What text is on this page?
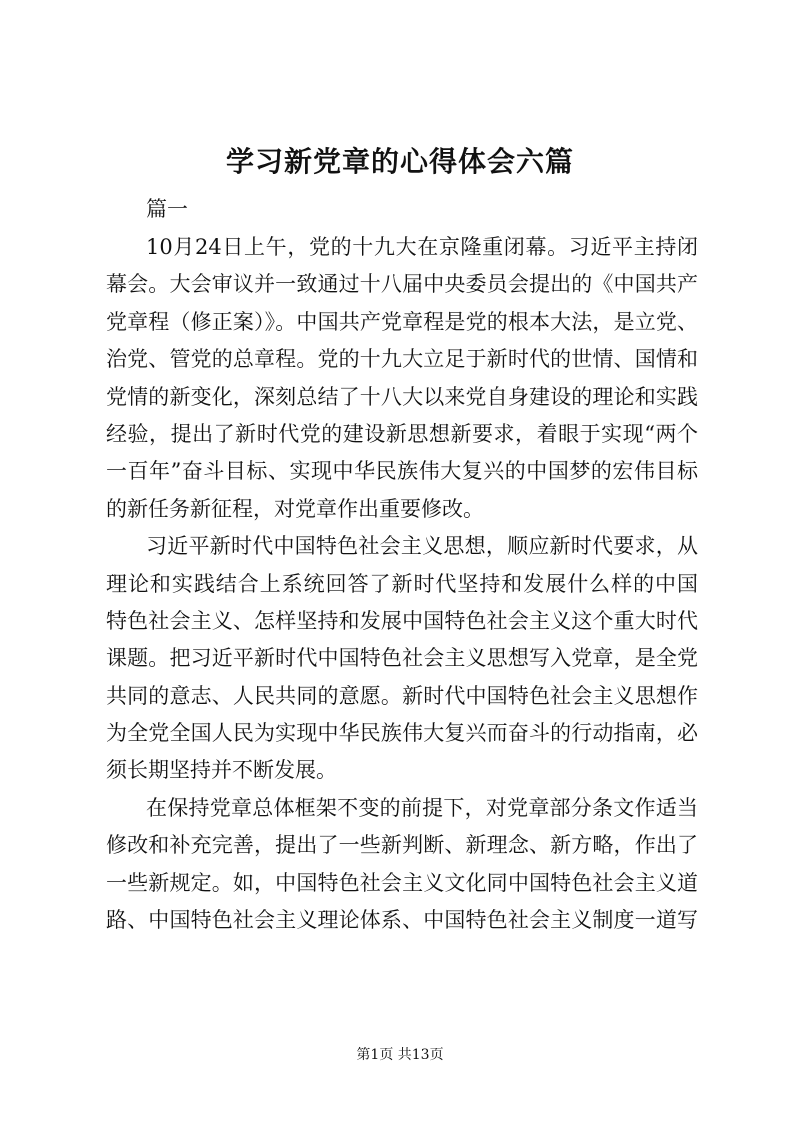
学习新党章的心得体会六篇
篇一
10月24日上午，党的十九大在京隆重闭幕。习近平主持闭
幕会。大会审议并一致通过十八届中央委员会提出的《中国共产
党章程（修正案）》。中国共产党章程是党的根本大法，是立党、
治党、管党的总章程。党的十九大立足于新时代的世情、国情和
党情的新变化，深刻总结了十八大以来党自身建设的理论和实践
经验，提出了新时代党的建设新思想新要求，着眼于实现“两个
一百年”奋斗目标、实现中华民族伟大复兴的中国梦的宏伟目标
的新任务新征程，对党章作出重要修改。
习近平新时代中国特色社会主义思想，顺应新时代要求，从
理论和实践结合上系统回答了新时代坚持和发展什么样的中国
特色社会主义、怎样坚持和发展中国特色社会主义这个重大时代
课题。把习近平新时代中国特色社会主义思想写入党章，是全党
共同的意志、人民共同的意愿。新时代中国特色社会主义思想作
为全党全国人民为实现中华民族伟大复兴而奋斗的行动指南，必
须长期坚持并不断发展。
在保持党章总体框架不变的前提下，对党章部分条文作适当
修改和补充完善，提出了一些新判断、新理念、新方略，作出了
一些新规定。如，中国特色社会主义文化同中国特色社会主义道
路、中国特色社会主义理论体系、中国特色社会主义制度一道写
第1页 共13页
